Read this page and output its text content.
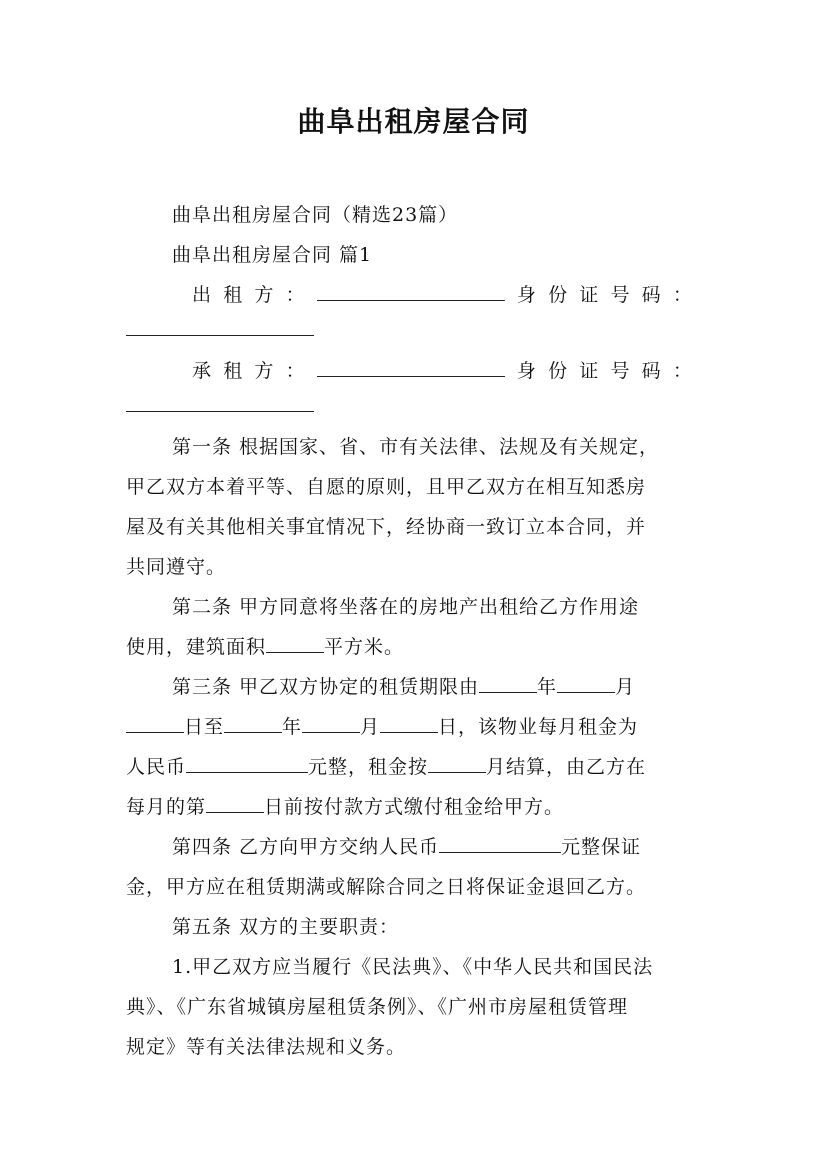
曲阜出租房屋合同
曲阜出租房屋合同（精选23篇）
曲阜出租房屋合同 篇1
出 租 方 ：	身 份 证 号 码 ：
承 租 方 ：	身 份 证 号 码 ：
第一条 根据国家、省、市有关法律、法规及有关规定，
甲乙双方本着平等、自愿的原则，且甲乙双方在相互知悉房
屋及有关其他相关事宜情况下，经协商一致订立本合同，并
共同遵守。
第二条 甲方同意将坐落在的房地产出租给乙方作用途
使用，建筑面积	平方米。
第三条 甲乙双方协定的租赁期限由	年	月
日至	年	月	日，该物业每月租金为
人民币	元整，租金按	月结算，由乙方在
每月的第	日前按付款方式缴付租金给甲方。
第四条 乙方向甲方交纳人民币	元整保证
金，甲方应在租赁期满或解除合同之日将保证金退回乙方。
第五条 双方的主要职责：
1.甲乙双方应当履行《民法典》、《中华人民共和国民法
典》、《广东省城镇房屋租赁条例》、《广州市房屋租赁管理
规定》等有关法律法规和义务。
